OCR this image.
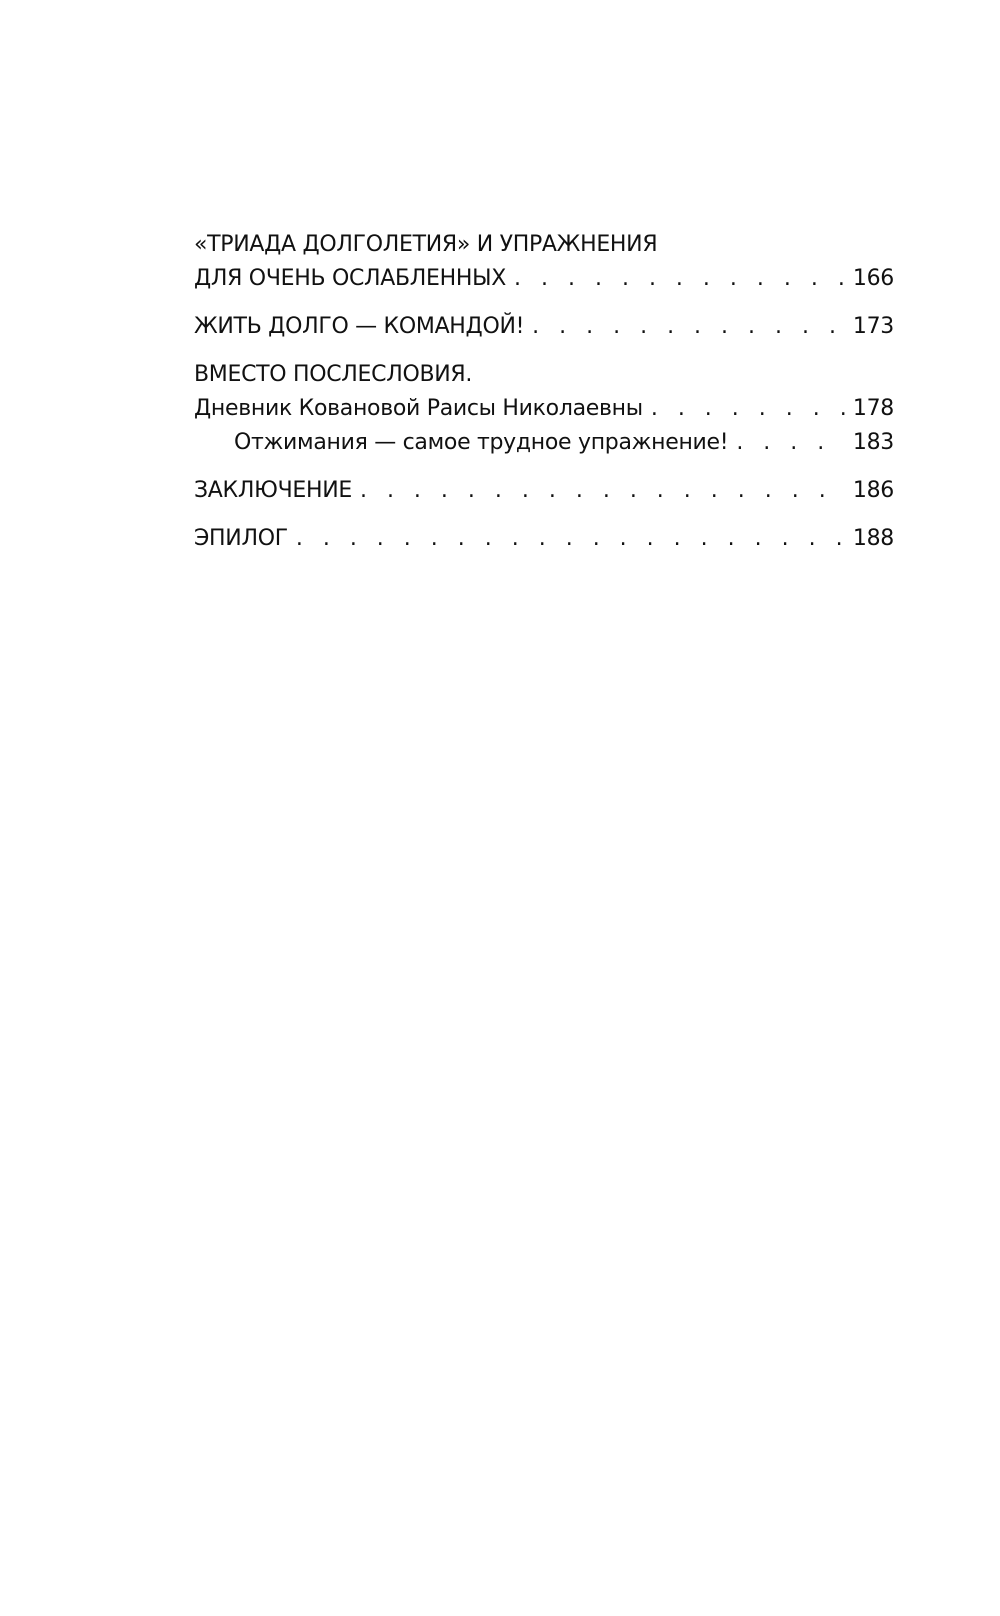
«ТРИАДА ДОЛГОЛЕТИЯ» И УПРАЖНЕНИЯ
ДЛЯ ОЧЕНЬ ОСЛАБЛЕННЫХ . . .	166
ЖИТЬ ДОЛГО — КОМАНДОЙ! . . .	173
ВМЕСТО ПОСЛЕСЛОВИЯ.
Дневник Ковановой Раисы Николаевны . . .	178
Отжимания — самое трудное упражнение! . . .	183
ЗАКЛЮЧЕНИЕ . . .	186
ЭПИЛОГ . . .	188
